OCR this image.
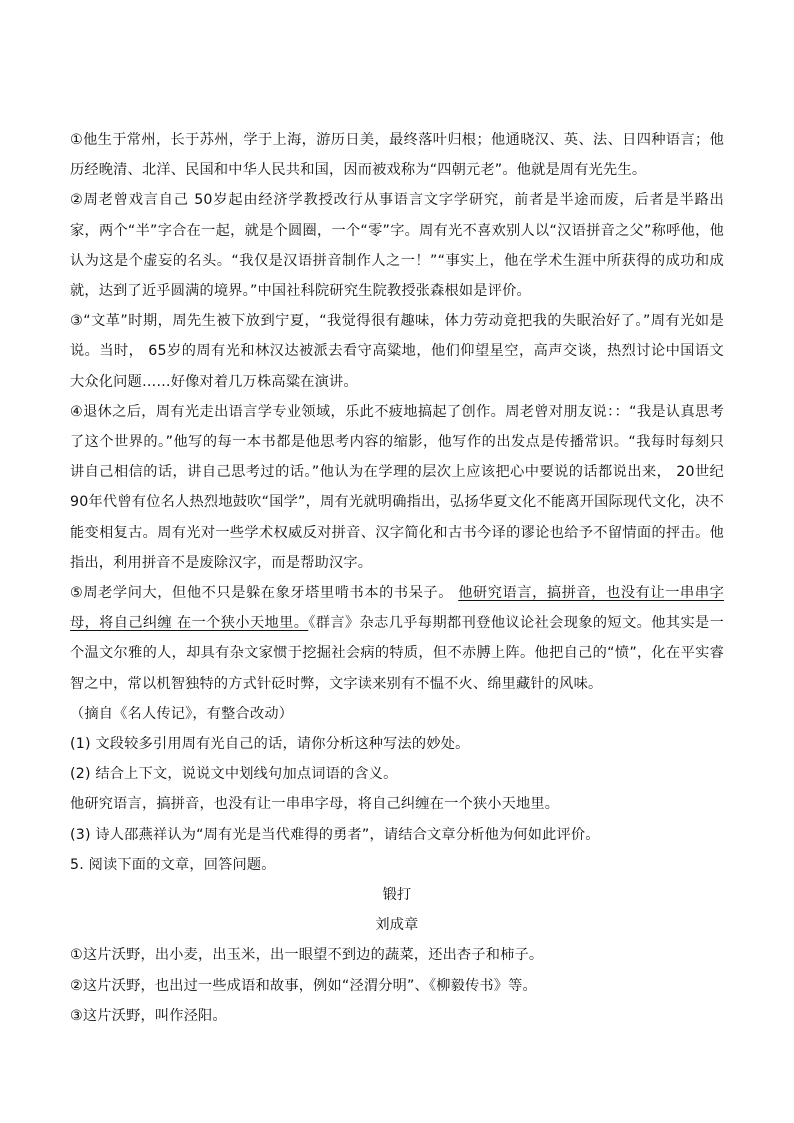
①他生于常州，长于苏州，学于上海，游历日美，最终落叶归根；他通晓汉、英、法、日四种语言；他历经晚清、北洋、民国和中华人民共和国，因而被戏称为“四朝元老”。他就是周有光先生。

②周老曾戏言自己 50岁起由经济学教授改行从事语言文字学研究，前者是半途而废，后者是半路出家，两个“半”字合在一起，就是个圆圈，一个“零”字。周有光不喜欢别人以“汉语拼音之父”称呼他，他认为这是个虚妄的名头。“我仅是汉语拼音制作人之一！”“事实上，他在学术生涯中所获得的成功和成就，达到了近乎圆满的境界。”中国社科院研究生院教授张森根如是评价。

③“文革”时期，周先生被下放到宁夏，“我觉得很有趣味，体力劳动竟把我的失眠治好了。”周有光如是说。当时， 65岁的周有光和林汉达被派去看守高粱地，他们仰望星空，高声交谈，热烈讨论中国语文大众化问题……好像对着几万株高粱在演讲。

④退休之后，周有光走出语言学专业领域，乐此不疲地搞起了创作。周老曾对朋友说：：“我是认真思考了这个世界的。”他写的每一本书都是他思考内容的缩影，他写作的出发点是传播常识。“我每时每刻只讲自己相信的话，讲自己思考过的话。”他认为在学理的层次上应该把心中要说的话都说出来， 20世纪 90年代曾有位名人热烈地鼓吹“国学”，周有光就明确指出，弘扬华夏文化不能离开国际现代文化，决不能变相复古。周有光对一些学术权威反对拼音、汉字简化和古书今译的谬论也给予不留情面的抨击。他指出，利用拼音不是废除汉字，而是帮助汉字。

⑤周老学问大，但他不只是躲在象牙塔里啃书本的书呆子。 他研究语言，搞拼音，也没有让一串串字母，将自己纠缠 在一个狭小天地里。《群言》杂志几乎每期都刊登他议论社会现象的短文。他其实是一个温文尔雅的人，却具有杂文家惯于挖掘社会病的特质，但不赤膊上阵。他把自己的“愤”，化在平实睿智之中，常以机智独特的方式针砭时弊，文字读来别有不愠不火、绵里藏针的风味。

（摘自《名人传记》，有整合改动）

(1) 文段较多引用周有光自己的话，请你分析这种写法的妙处。

(2) 结合上下文，说说文中划线句加点词语的含义。

他研究语言，搞拼音，也没有让一串串字母，将自己纠缠在一个狭小天地里。

(3) 诗人邵燕祥认为“周有光是当代难得的勇者”，请结合文章分析他为何如此评价。

5. 阅读下面的文章，回答问题。

锻打

刘成章

①这片沃野，出小麦，出玉米，出一眼望不到边的蔬菜，还出杏子和柿子。

②这片沃野，也出过一些成语和故事，例如“泾渭分明”、《柳毅传书》等。

③这片沃野，叫作泾阳。
